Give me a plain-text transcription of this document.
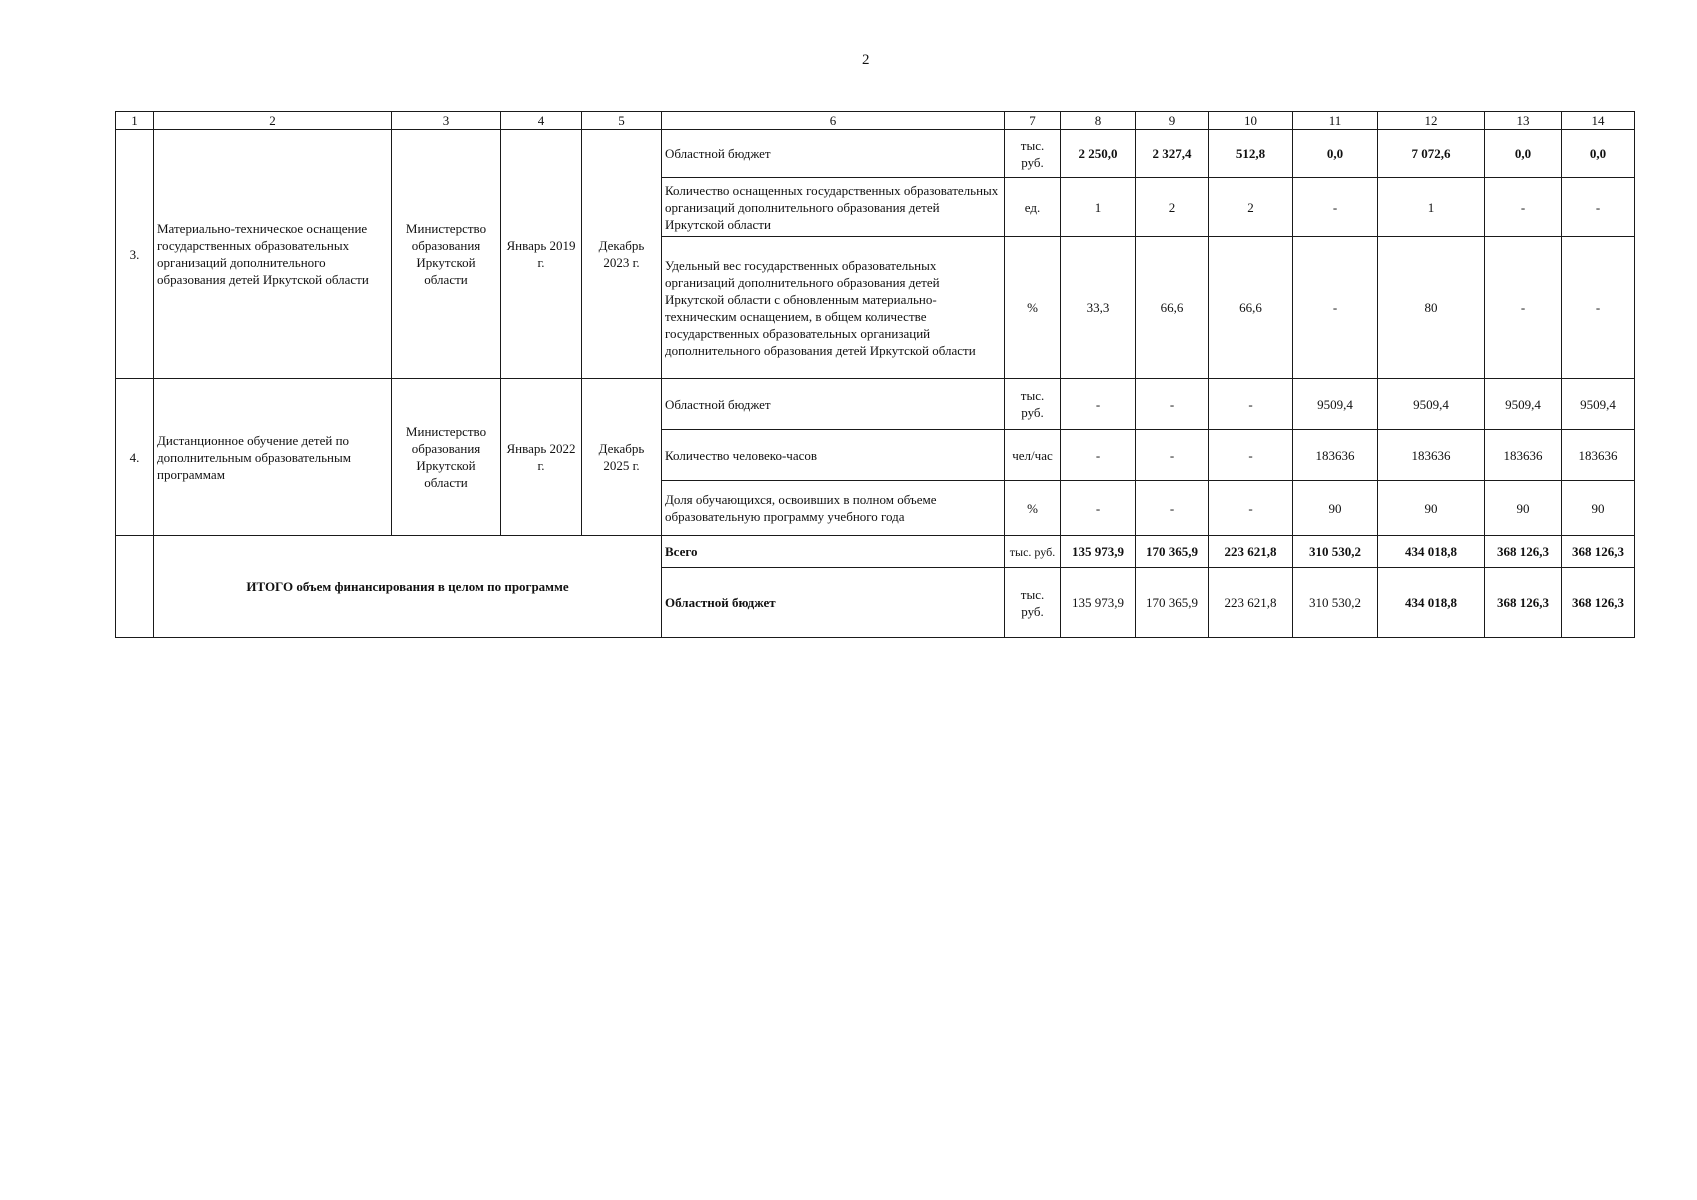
2
1	2	3	4	5	6	7	8	9	10	11	12	13	14
3.	Материально-техническое оснащение государственных образовательных организаций дополнительного образования детей Иркутской области	Министерство образования Иркутской области	Январь 2019 г.	Декабрь 2023 г.	Областной бюджет	тыс. руб.	2 250,0	2 327,4	512,8	0,0	7 072,6	0,0	0,0
					Количество оснащенных государственных образовательных организаций дополнительного образования детей Иркутской области	ед.	1	2	2	-	1	-	-
					Удельный вес государственных образовательных организаций дополнительного образования детей Иркутской области с обновленным материально-техническим оснащением, в общем количестве государственных образовательных организаций дополнительного образования детей Иркутской области	%	33,3	66,6	66,6	-	80	-	-
4.	Дистанционное обучение детей по дополнительным образовательным программам	Министерство образования Иркутской области	Январь 2022 г.	Декабрь 2025 г.	Областной бюджет	тыс. руб.	-	-	-	9509,4	9509,4	9509,4	9509,4
					Количество человеко-часов	чел/час	-	-	-	183636	183636	183636	183636
					Доля обучающихся, освоивших в полном объеме образовательную программу учебного года	%	-	-	-	90	90	90	90
	ИТОГО объем финансирования в целом по программе				Всего	тыс. руб.	135 973,9	170 365,9	223 621,8	310 530,2	434 018,8	368 126,3	368 126,3
					Областной бюджет	тыс. руб.	135 973,9	170 365,9	223 621,8	310 530,2	434 018,8	368 126,3	368 126,3
